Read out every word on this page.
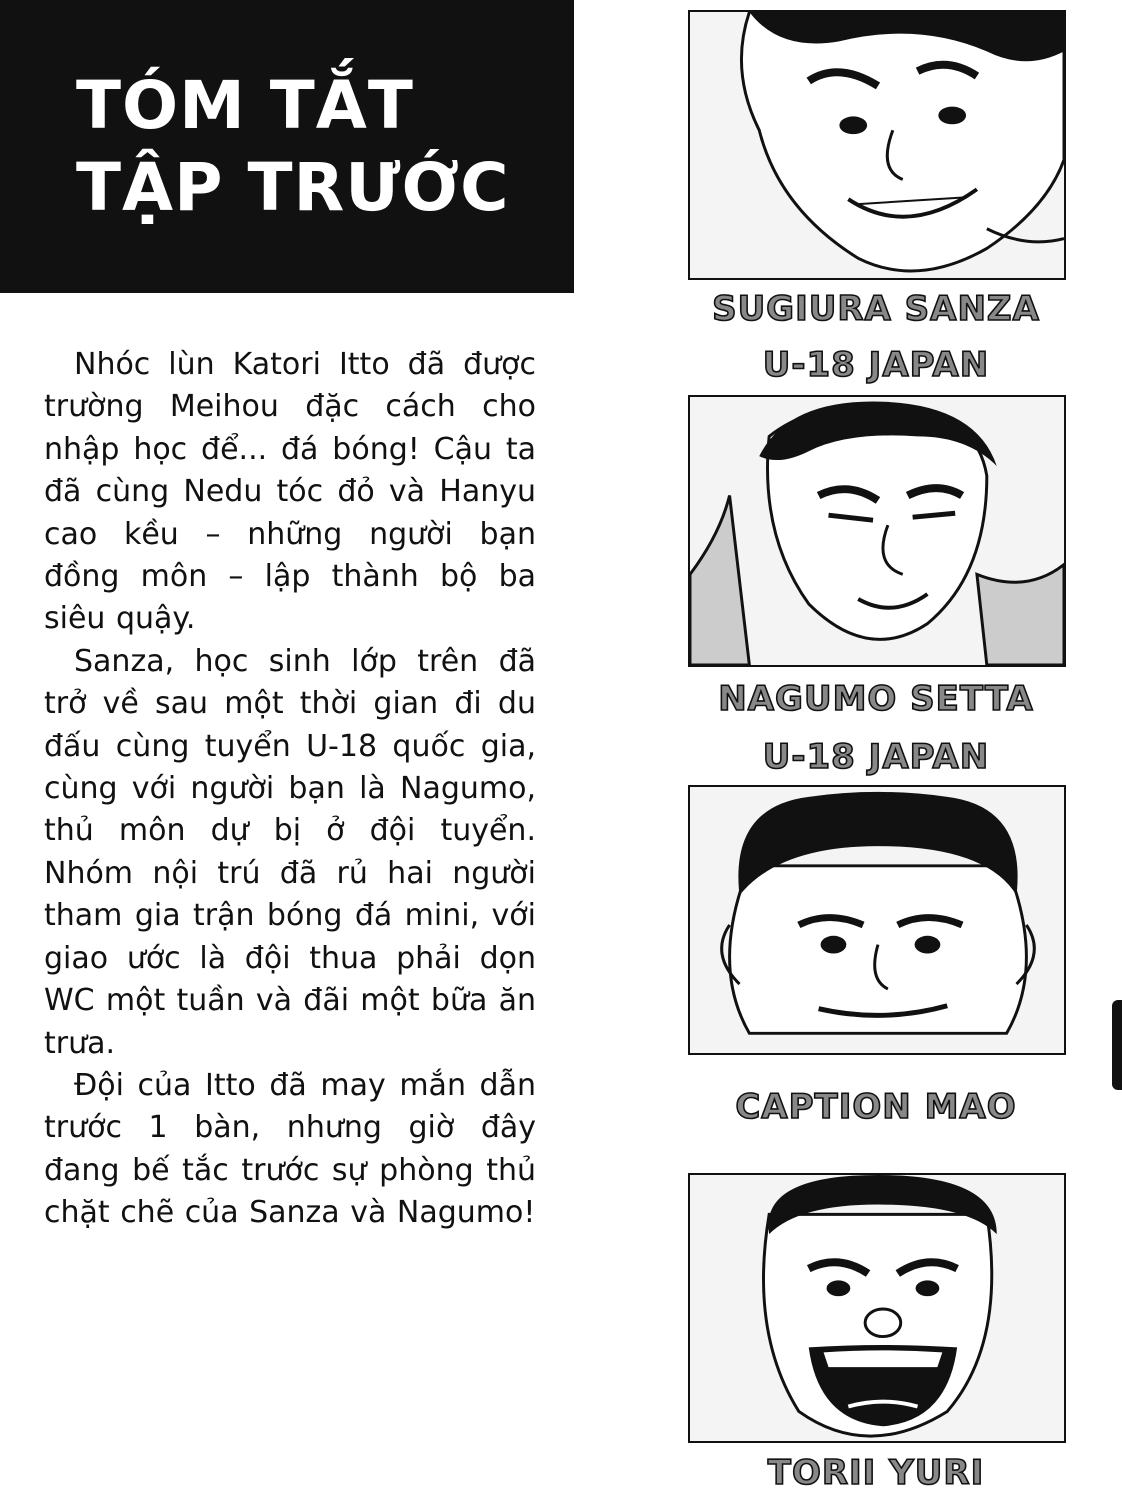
TÓM TẮT
TẬP TRƯỚC

Nhóc lùn Katori Itto đã được trường Meihou đặc cách cho nhập học để... đá bóng! Cậu ta đã cùng Nedu tóc đỏ và Hanyu cao kều – những người bạn đồng môn – lập thành bộ ba siêu quậy.

Sanza, học sinh lớp trên đã trở về sau một thời gian đi du đấu cùng tuyển U-18 quốc gia, cùng với người bạn là Nagumo, thủ môn dự bị ở đội tuyển. Nhóm nội trú đã rủ hai người tham gia trận bóng đá mini, với giao ước là đội thua phải dọn WC một tuần và đãi một bữa ăn trưa.

Đội của Itto đã may mắn dẫn trước 1 bàn, nhưng giờ đây đang bế tắc trước sự phòng thủ chặt chẽ của Sanza và Nagumo!

SUGIURA SANZA
U-18 JAPAN
NAGUMO SETTA
U-18 JAPAN
CAPTION MAO
TORII YURI
